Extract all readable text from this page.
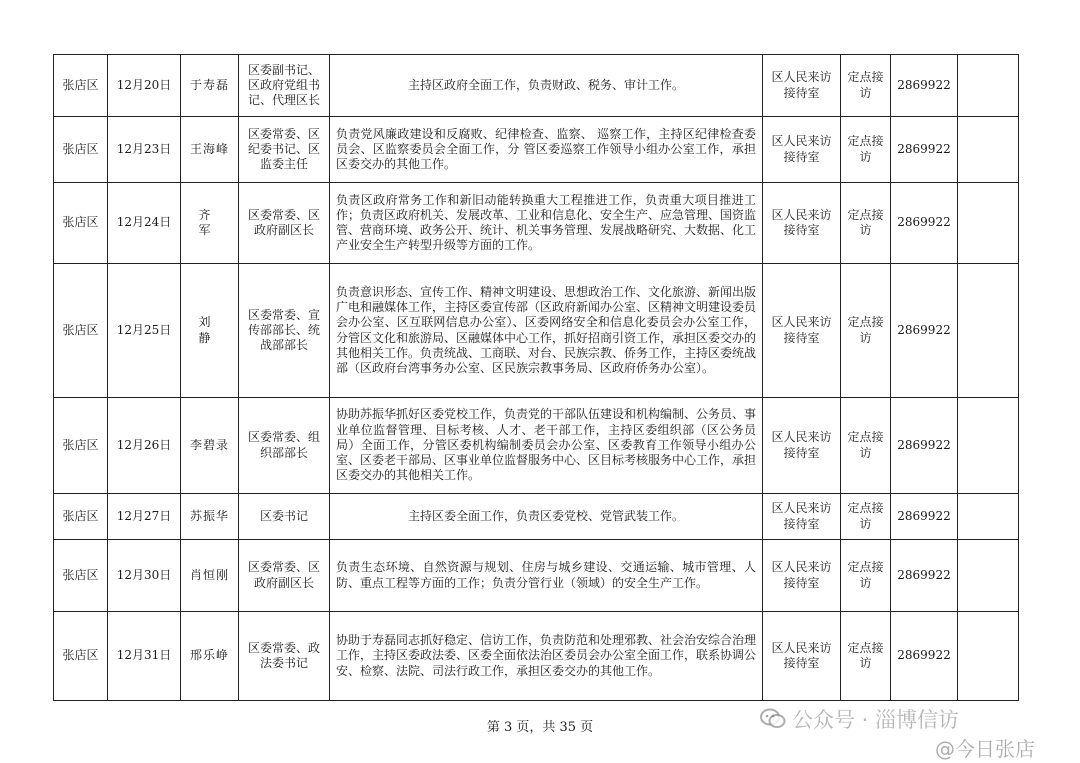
张店区	12月20日	于寿磊	区委副书记、区政府党组书记、代理区长	主持区政府全面工作，负责财政、税务、审计工作。	区人民来访接待室	定点接访	2869922	
张店区	12月23日	王海峰	区委常委、区纪委书记、区监委主任	负责党风廉政建设和反腐败、纪律检查、监察、 巡察工作，主持区纪律检查委员会、区监察委员会全面工作，分 管区委巡察工作领导小组办公室工作，承担区委交办的其他工作。	区人民来访接待室	定点接访	2869922	
张店区	12月24日	齐 军	区委常委、区政府副区长	负责区政府常务工作和新旧动能转换重大工程推进工作，负责重大项目推进工作；负责区政府机关、发展改革、工业和信息化、安全生产、应急管理、国资监管、营商环境、政务公开、统计、机关事务管理、发展战略研究、大数据、化工产业安全生产转型升级等方面的工作。	区人民来访接待室	定点接访	2869922	
张店区	12月25日	刘 静	区委常委、宣传部部长、统战部部长	负责意识形态、宣传工作、精神文明建设、思想政治工作、文化旅游、新闻出版广电和融媒体工作，主持区委宣传部（区政府新闻办公室、区精神文明建设委员会办公室、区互联网信息办公室）、区委网络安全和信息化委员会办公室工作，分管区文化和旅游局、区融媒体中心工作，抓好招商引资工作，承担区委交办的其他相关工作。负责统战、工商联、对台、民族宗教、侨务工作，主持区委统战部（区政府台湾事务办公室、区民族宗教事务局、区政府侨务办公室）。	区人民来访接待室	定点接访	2869922	
张店区	12月26日	李碧录	区委常委、组织部部长	协助苏振华抓好区委党校工作，负责党的干部队伍建设和机构编制、公务员、事业单位监督管理、目标考核、人才、老干部工作，主持区委组织部（区公务员局）全面工作，分管区委机构编制委员会办公室、区委教育工作领导小组办公室、区委老干部局、区事业单位监督服务中心、区目标考核服务中心工作，承担区委交办的其他相关工作。	区人民来访接待室	定点接访	2869922	
张店区	12月27日	苏振华	区委书记	主持区委全面工作，负责区委党校、党管武装工作。	区人民来访接待室	定点接访	2869922	
张店区	12月30日	肖恒刚	区委常委、区政府副区长	负责生态环境、自然资源与规划、住房与城乡建设、交通运输、城市管理、人防、重点工程等方面的工作；负责分管行业（领域）的安全生产工作。	区人民来访接待室	定点接访	2869922	
张店区	12月31日	邢乐峥	区委常委、政法委书记	协助于寿磊同志抓好稳定、信访工作，负责防范和处理邪教、社会治安综合治理工作，主持区委政法委、区委全面依法治区委员会办公室全面工作，联系协调公安、检察、法院、司法行政工作，承担区委交办的其他工作。	区人民来访接待室	定点接访	2869922	
第 3 页，共 35 页	公众号 · 淄博信访
@今日张店
